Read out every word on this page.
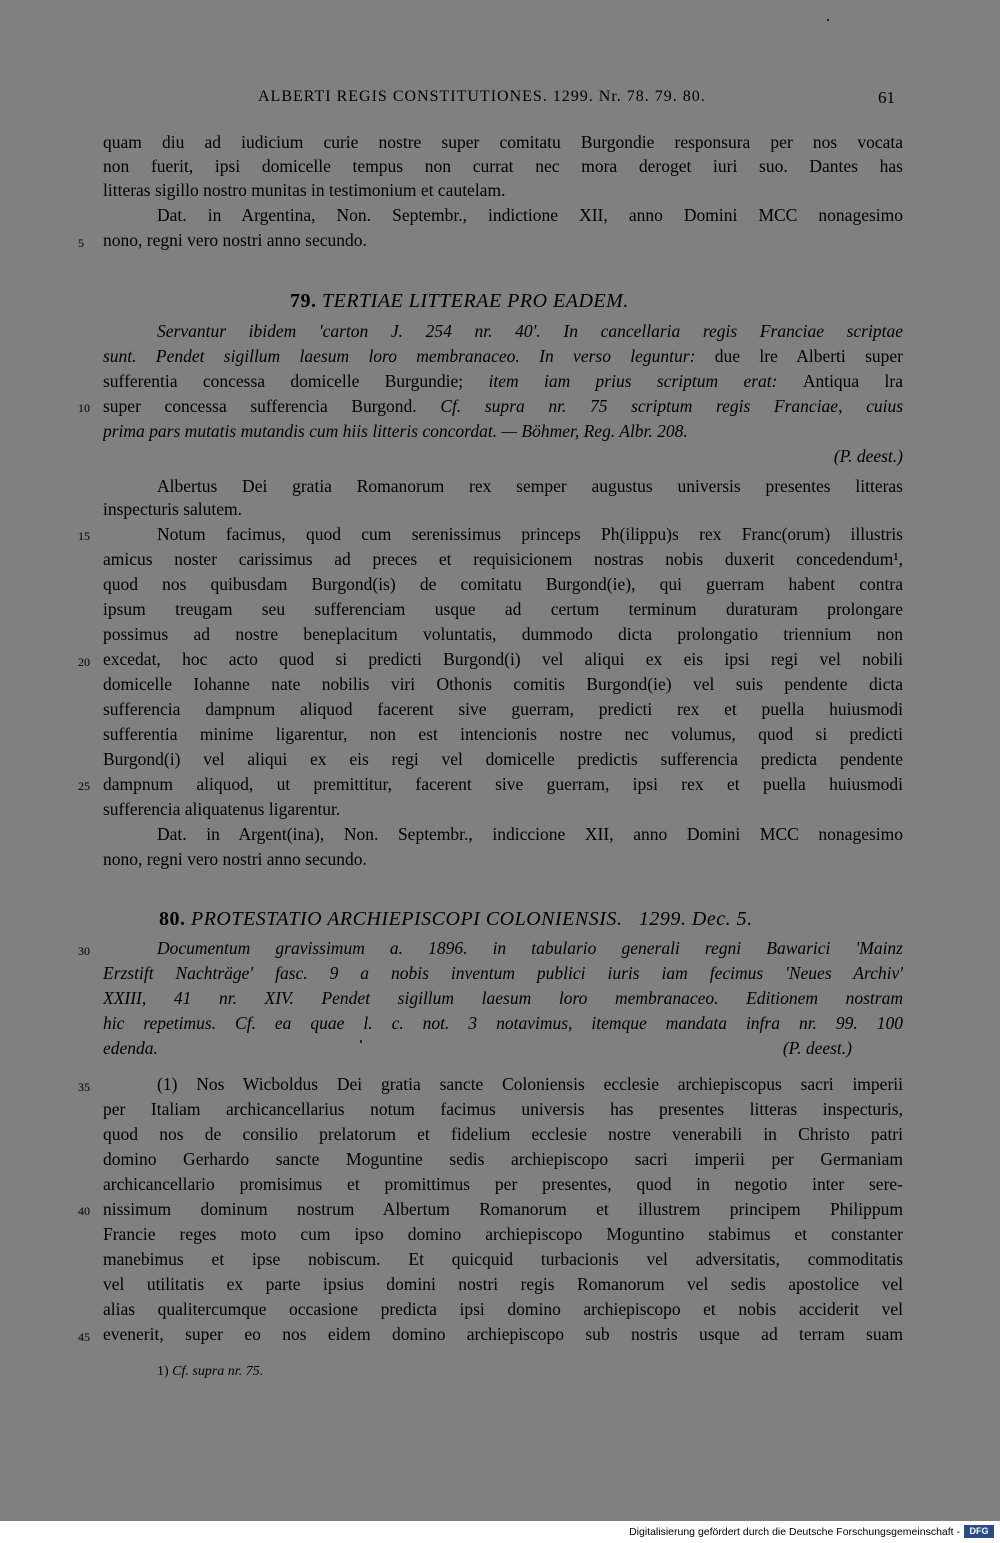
ALBERTI REGIS CONSTITUTIONES. 1299. Nr. 78. 79. 80.	61
quam diu ad iudicium curie nostre super comitatu Burgondie responsura per nos vocata
non fuerit, ipsi domicelle tempus non currat nec mora deroget iuri suo. Dantes has
litteras sigillo nostro munitas in testimonium et cautelam.
Dat. in Argentina, Non. Septembr., indictione XII, anno Domini MCC nonagesimo
nono, regni vero nostri anno secundo.
5
79. TERTIAE LITTERAE PRO EADEM.
Servantur ibidem 'carton J. 254 nr. 40'. In cancellaria regis Franciae scriptae
sunt. Pendet sigillum laesum loro membranaceo. In verso leguntur: due lre Alberti super
sufferentia concessa domicelle Burgundie; item iam prius scriptum erat: Antiqua lra
super concessa sufferencia Burgond. Cf. supra nr. 75 scriptum regis Franciae, cuius
10
prima pars mutatis mutandis cum hiis litteris concordat. — Böhmer, Reg. Albr. 208.
(P. deest.)
Albertus Dei gratia Romanorum rex semper augustus universis presentes litteras
inspecturis salutem.
15	Notum facimus, quod cum serenissimus princeps Ph(ilippu)s rex Franc(orum) illustris
amicus noster carissimus ad preces et requisicionem nostras nobis duxerit concedendum¹,
quod nos quibusdam Burgond(is) de comitatu Burgond(ie), qui guerram habent contra
ipsum treugam seu sufferenciam usque ad certum terminum duraturam prolongare
possimus ad nostre beneplacitum voluntatis, dummodo dicta prolongatio triennium non
20 excedat, hoc acto quod si predicti Burgond(i) vel aliqui ex eis ipsi regi vel nobili
domicelle Iohanne nate nobilis viri Othonis comitis Burgond(ie) vel suis pendente dicta
sufferencia dampnum aliquod facerent sive guerram, predicti rex et puella huiusmodi
sufferentia minime ligarentur, non est intencionis nostre nec volumus, quod si predicti
Burgond(i) vel aliqui ex eis regi vel domicelle predictis sufferencia predicta pendente
25 dampnum aliquod, ut premittitur, facerent sive guerram, ipsi rex et puella huiusmodi
sufferencia aliquatenus ligarentur.
Dat. in Argent(ina), Non. Septembr., indiccione XII, anno Domini MCC nonagesimo
nono, regni vero nostri anno secundo.
80. PROTESTATIO ARCHIEPISCOPI COLONIENSIS. 1299. Dec. 5.
30	Documentum gravissimum a. 1896. in tabulario generali regni Bawarici 'Mainz
Erzstift Nachträge' fasc. 9 a nobis inventum publici iuris iam fecimus 'Neues Archiv'
XXIII, 41 nr. XIV. Pendet sigillum laesum loro membranaceo. Editionem nostram
hic repetimus. Cf. ea quae l. c. not. 3 notavimus, itemque mandata infra nr. 99. 100
edenda.	(P. deest.)
35	(1) Nos Wicboldus Dei gratia sancte Coloniensis ecclesie archiepiscopus sacri imperii
per Italiam archicancellarius notum facimus universis has presentes litteras inspecturis,
quod nos de consilio prelatorum et fidelium ecclesie nostre venerabili in Christo patri
domino Gerhardo sancte Moguntine sedis archiepiscopo sacri imperii per Germaniam
archicancellario promisimus et promittimus per presentes, quod in negotio inter sere-
40 nissimum dominum nostrum Albertum Romanorum et illustrem principem Philippum
Francie reges moto cum ipso domino archiepiscopo Moguntino stabimus et constanter
manebimus et ipse nobiscum. Et quicquid turbacionis vel adversitatis, commoditatis
vel utilitatis ex parte ipsius domini nostri regis Romanorum vel sedis apostolice vel
alias qualitercumque occasione predicta ipsi domino archiepiscopo et nobis acciderit vel
45 evenerit, super eo nos eidem domino archiepiscopo sub nostris usque ad terram suam
1) Cf. supra nr. 75.
Digitalisierung gefördert durch die Deutsche Forschungsgemeinschaft -	DFG
